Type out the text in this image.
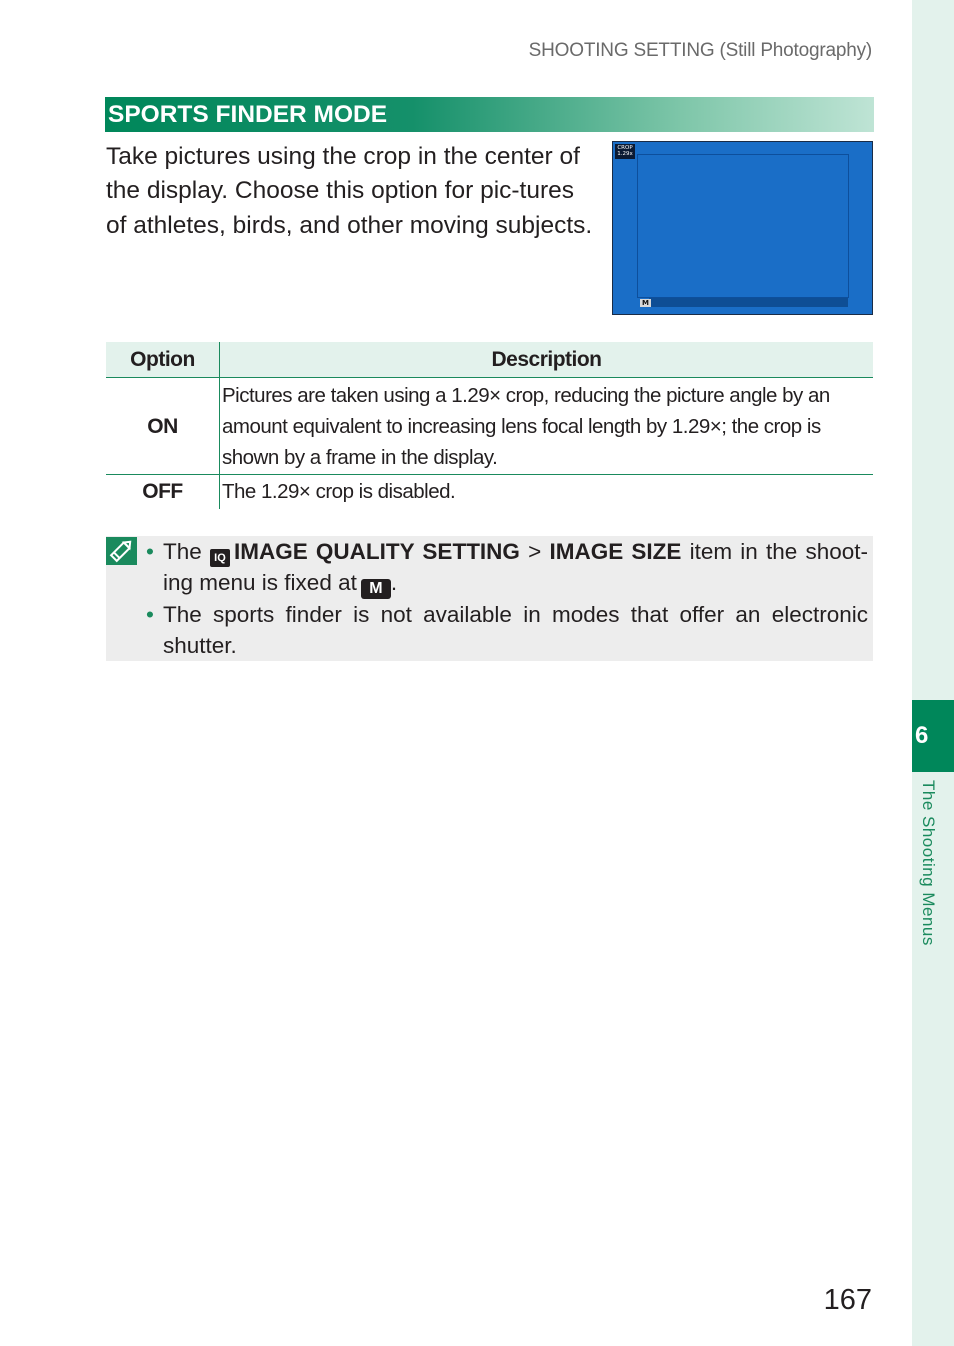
SHOOTING SETTING (Still Photography)
SPORTS FINDER MODE
Take pictures using the crop in the center of the display. Choose this option for pic-tures of athletes, birds, and other moving subjects.
CROP
1.29x
M
Option	Description
ON	Pictures are taken using a 1.29× crop, reducing the picture angle by an amount equivalent to increasing lens focal length by 1.29×; the crop is shown by a frame in the display.
OFF	The 1.29× crop is disabled.
• The IQ IMAGE QUALITY SETTING > IMAGE SIZE item in the shoot-ing menu is fixed at M .
• The sports finder is not available in modes that offer an electronic shutter.
6
The Shooting Menus
167
